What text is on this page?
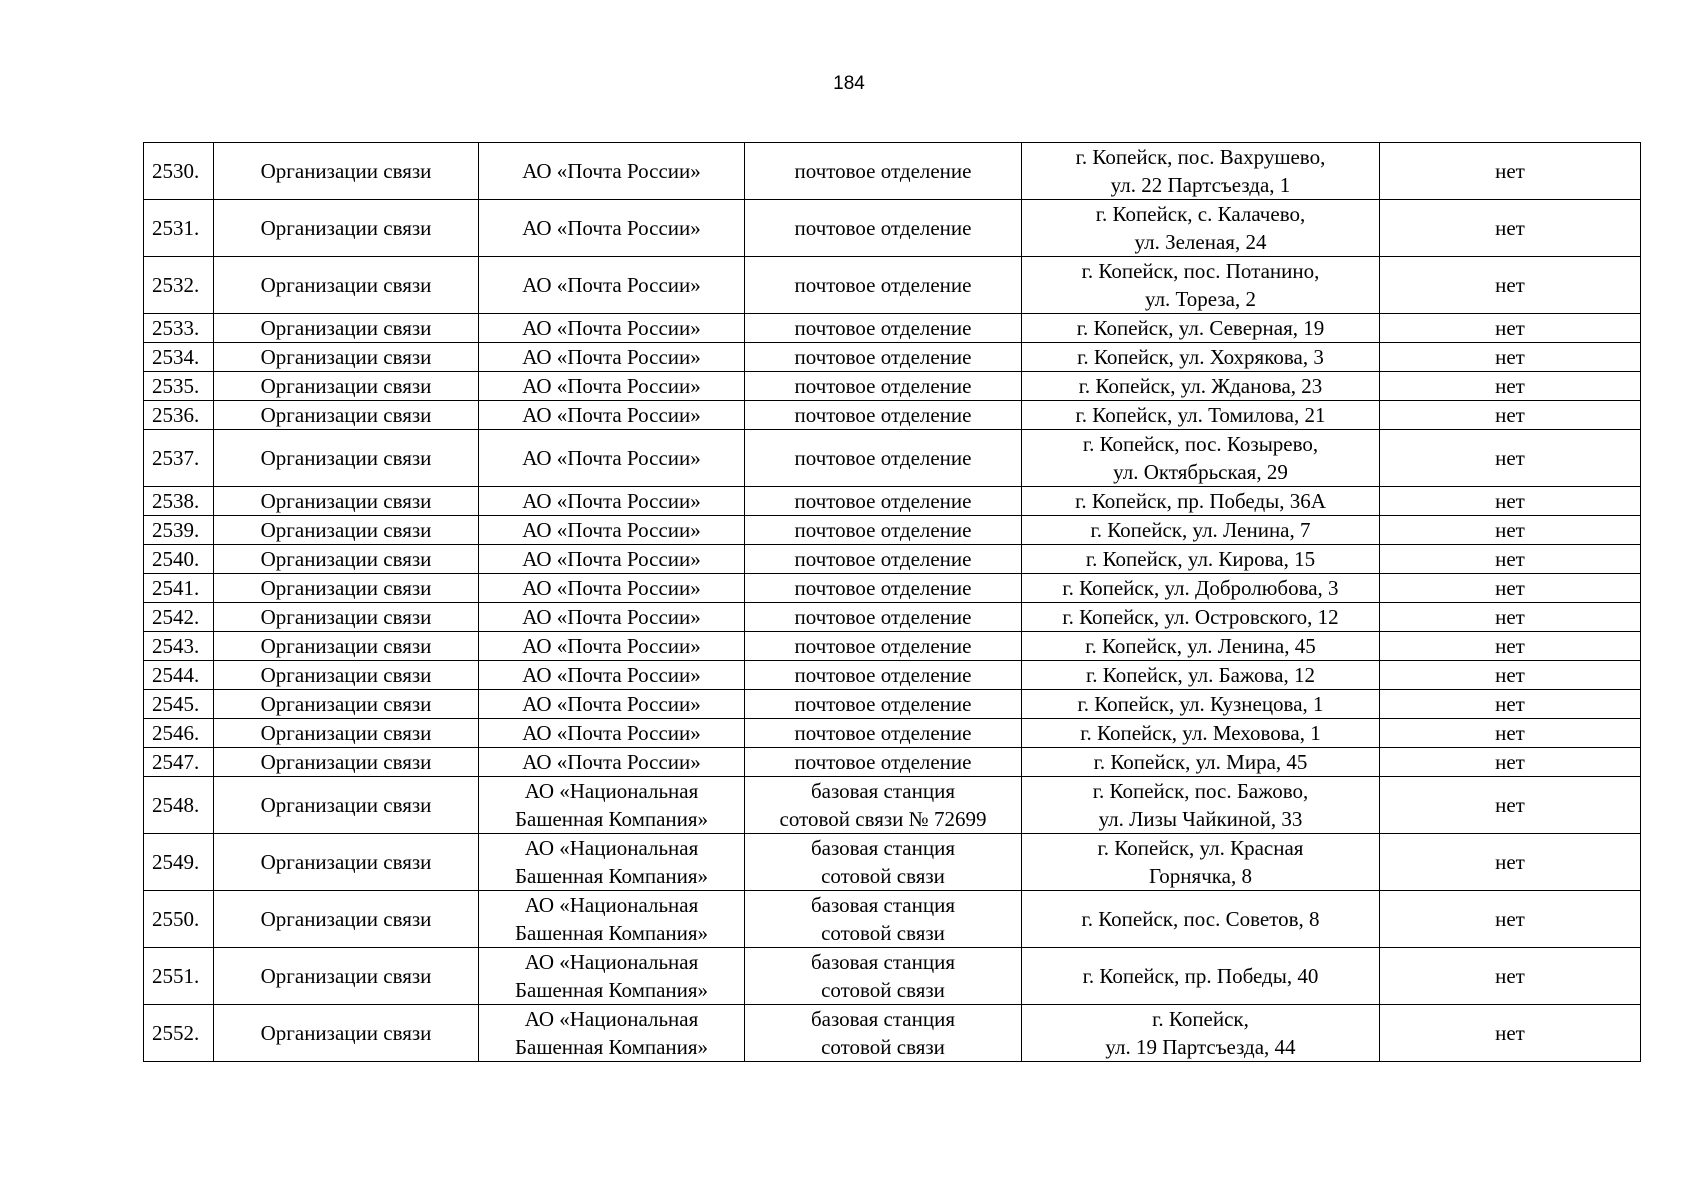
184
2530.	Организации связи	АО «Почта России»	почтовое отделение	г. Копейск, пос. Вахрушево,
ул. 22 Партсъезда, 1	нет
2531.	Организации связи	АО «Почта России»	почтовое отделение	г. Копейск, с. Калачево,
ул. Зеленая, 24	нет
2532.	Организации связи	АО «Почта России»	почтовое отделение	г. Копейск, пос. Потанино,
ул. Тореза, 2	нет
2533.	Организации связи	АО «Почта России»	почтовое отделение	г. Копейск, ул. Северная, 19	нет
2534.	Организации связи	АО «Почта России»	почтовое отделение	г. Копейск, ул. Хохрякова, 3	нет
2535.	Организации связи	АО «Почта России»	почтовое отделение	г. Копейск, ул. Жданова, 23	нет
2536.	Организации связи	АО «Почта России»	почтовое отделение	г. Копейск, ул. Томилова, 21	нет
2537.	Организации связи	АО «Почта России»	почтовое отделение	г. Копейск, пос. Козырево,
ул. Октябрьская, 29	нет
2538.	Организации связи	АО «Почта России»	почтовое отделение	г. Копейск, пр. Победы, 36А	нет
2539.	Организации связи	АО «Почта России»	почтовое отделение	г. Копейск, ул. Ленина, 7	нет
2540.	Организации связи	АО «Почта России»	почтовое отделение	г. Копейск, ул. Кирова, 15	нет
2541.	Организации связи	АО «Почта России»	почтовое отделение	г. Копейск, ул. Добролюбова, 3	нет
2542.	Организации связи	АО «Почта России»	почтовое отделение	г. Копейск, ул. Островского, 12	нет
2543.	Организации связи	АО «Почта России»	почтовое отделение	г. Копейск, ул. Ленина, 45	нет
2544.	Организации связи	АО «Почта России»	почтовое отделение	г. Копейск, ул. Бажова, 12	нет
2545.	Организации связи	АО «Почта России»	почтовое отделение	г. Копейск, ул. Кузнецова, 1	нет
2546.	Организации связи	АО «Почта России»	почтовое отделение	г. Копейск, ул. Меховова, 1	нет
2547.	Организации связи	АО «Почта России»	почтовое отделение	г. Копейск, ул. Мира, 45	нет
2548.	Организации связи	АО «Национальная
Башенная Компания»	базовая станция
сотовой связи № 72699	г. Копейск, пос. Бажово,
ул. Лизы Чайкиной, 33	нет
2549.	Организации связи	АО «Национальная
Башенная Компания»	базовая станция
сотовой связи	г. Копейск, ул. Красная
Горнячка, 8	нет
2550.	Организации связи	АО «Национальная
Башенная Компания»	базовая станция
сотовой связи	г. Копейск, пос. Советов, 8	нет
2551.	Организации связи	АО «Национальная
Башенная Компания»	базовая станция
сотовой связи	г. Копейск, пр. Победы, 40	нет
2552.	Организации связи	АО «Национальная
Башенная Компания»	базовая станция
сотовой связи	г. Копейск,
ул. 19 Партсъезда, 44	нет
